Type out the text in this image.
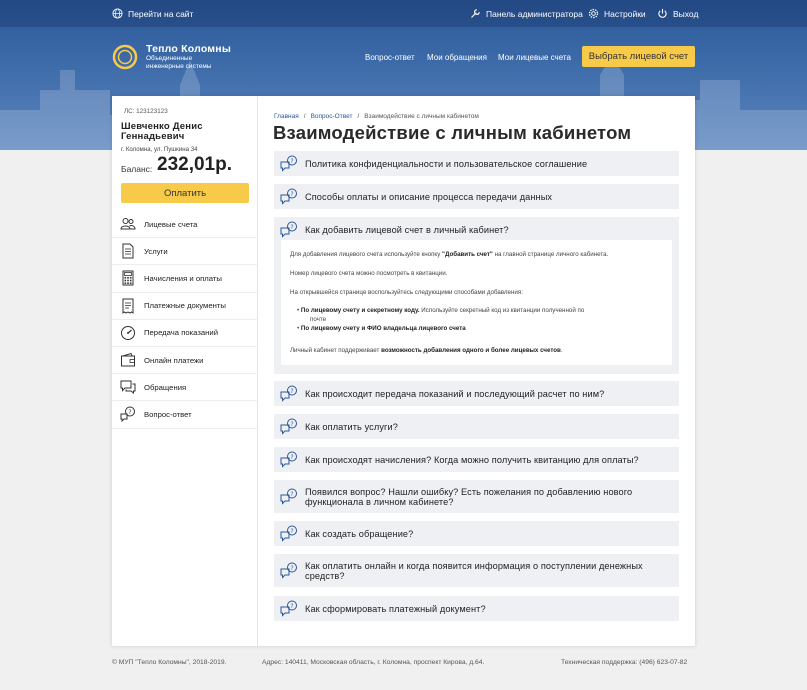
Перейти на сайт	Панель администратора Настройки	Выход
Тепло Коломны
Объединенные
инженерные системы
Вопрос-ответ Мои обращения Мои лицевые счета	Выбрать лицевой счет
ЛС: 123123123
Шевченко Денис
Геннадьевич
г. Коломна, ул. Пушкина 34
Баланс: 232,01р.
Оплатить
Лицевые счета
Услуги
Начисления и оплаты
Платежные документы
Передача показаний
Онлайн платежи
Обращения
? Вопрос-ответ
Главная / Вопрос-Ответ / Взаимодействие с личным кабинетом
Взаимодействие с личным кабинетом
? Политика конфиденциальности и пользовательское соглашение
? Способы оплаты и описание процесса передачи данных
? Как добавить лицевой счет в личный кабинет?

Для добавления лицевого счета используйте кнопку "Добавить счет" на главной странице личного кабинета.

Номер лицевого счета можно посмотреть в квитанции.

На открывшейся странице воспользуйтесь следующими способами добавления:

• По лицевому счету и секретному коду. Используйте секретный код из квитанции полученной по
почте
• По лицевому счету и ФИО владельца лицевого счета

Личный кабинет поддерживает возможность добавления одного и более лицевых счетов.

? Как происходит передача показаний и последующий расчет по ним?
? Как оплатить услуги?
? Как происходят начисления? Когда можно получить квитанцию для оплаты?
? Появился вопрос? Нашли ошибку? Есть пожелания по добавлению нового
функционала в личном кабинете?
? Как создать обращение?
? Как оплатить онлайн и когда появится информация о поступлении денежных
средств?
? Как сформировать платежный документ?
© МУП "Тепло Коломны", 2018-2019.	Адрес: 140411, Московская область, г. Коломна, проспект Кирова, д.64.	Техническая поддержка: (496) 623-07-82
